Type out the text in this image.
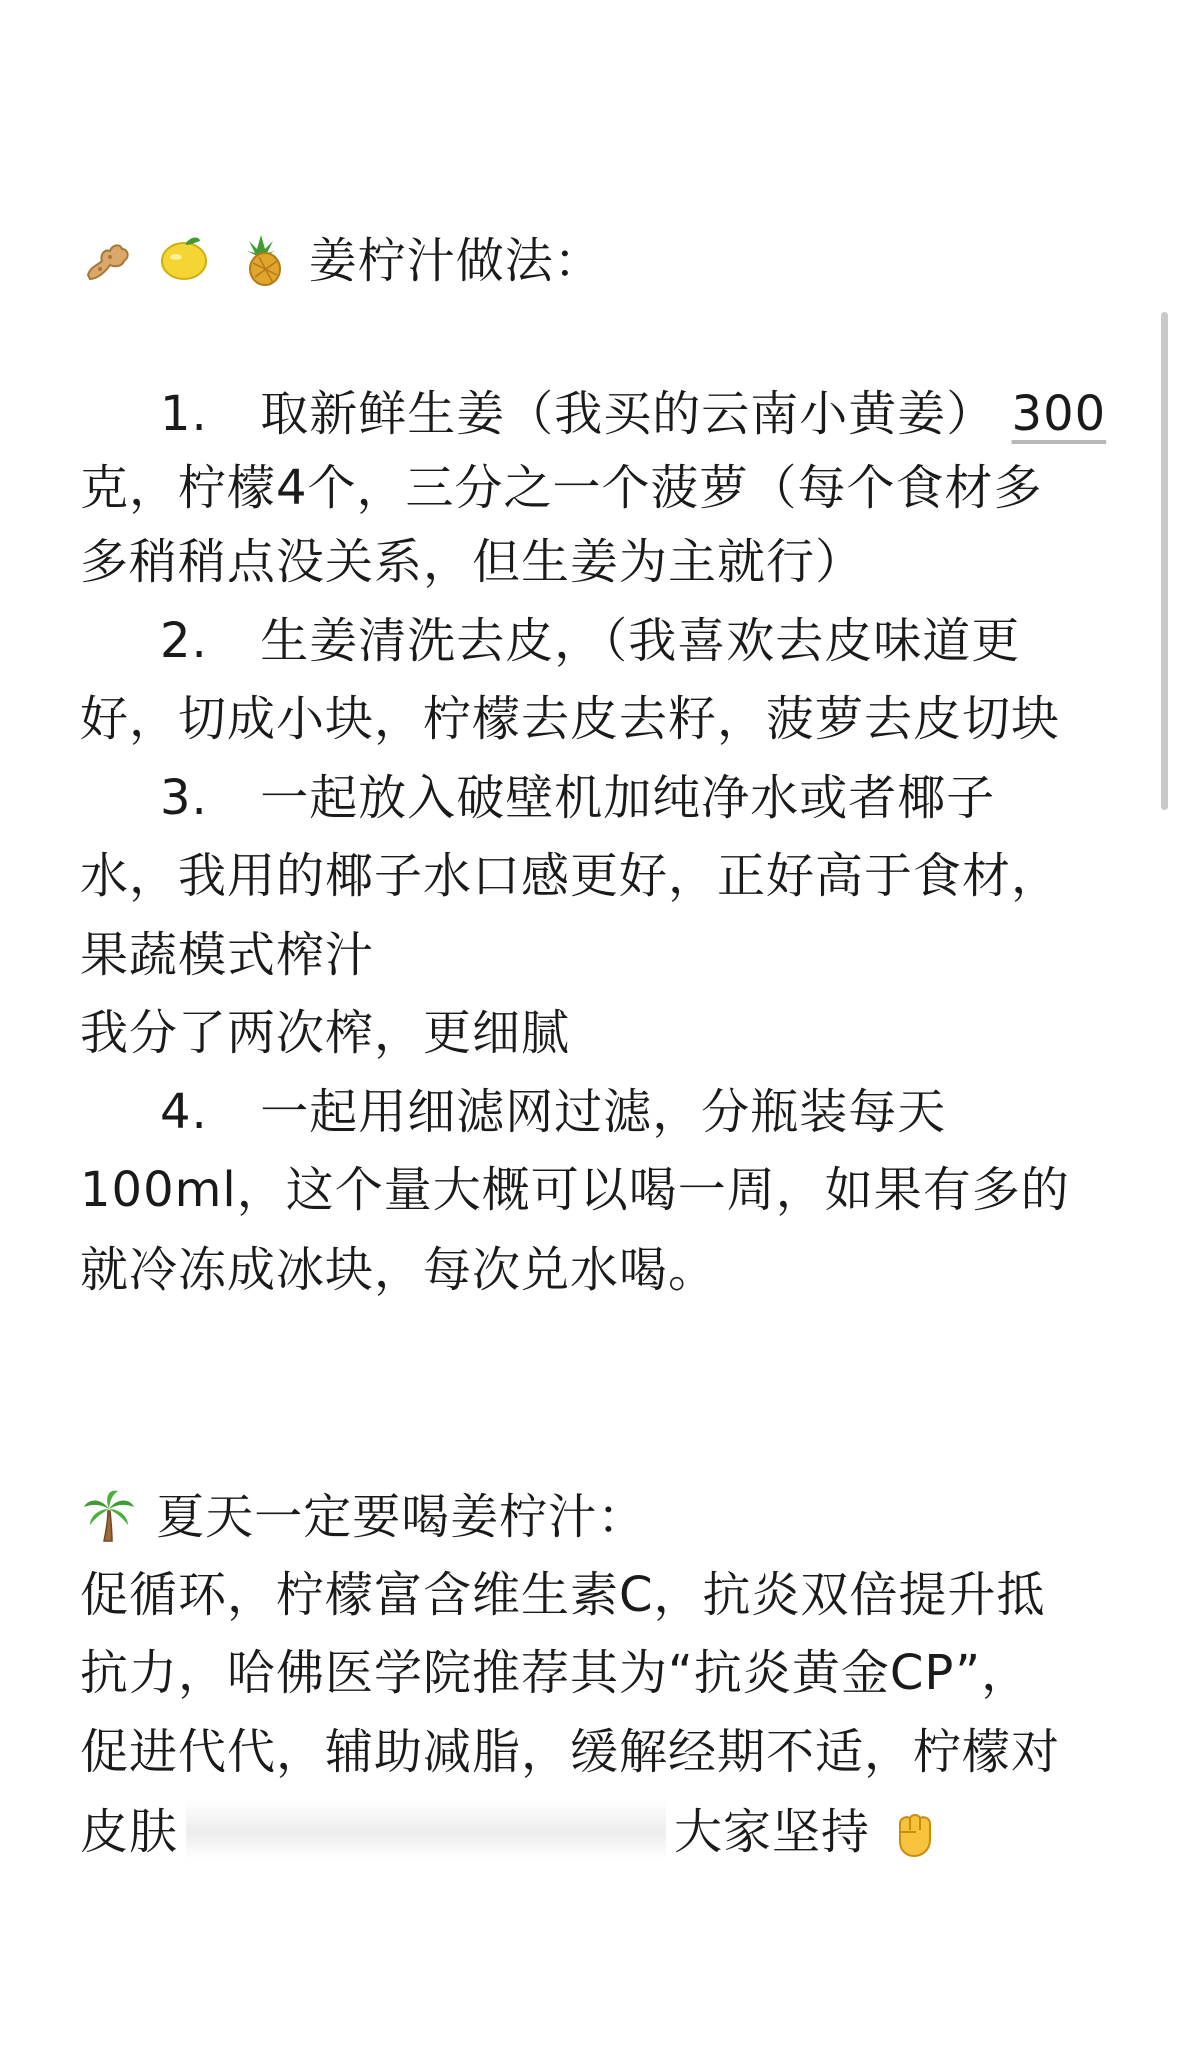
姜柠汁做法：
1. 取新鲜生姜（我买的云南小黄姜） 300
克，柠檬4个，三分之一个菠萝（每个食材多
多稍稍点没关系，但生姜为主就行）
2. 生姜清洗去皮，（我喜欢去皮味道更
好，切成小块，柠檬去皮去籽，菠萝去皮切块
3. 一起放入破壁机加纯净水或者椰子
水，我用的椰子水口感更好，正好高于食材，
果蔬模式榨汁
我分了两次榨，更细腻
4. 一起用细滤网过滤，分瓶装每天
100ml，这个量大概可以喝一周，如果有多的
就冷冻成冰块，每次兑水喝。
夏天一定要喝姜柠汁：
促循环，柠檬富含维生素C，抗炎双倍提升抵
抗力，哈佛医学院推荐其为“抗炎黄金CP”，
促进代代，辅助减脂，缓解经期不适，柠檬对
皮肤	大家坚持
